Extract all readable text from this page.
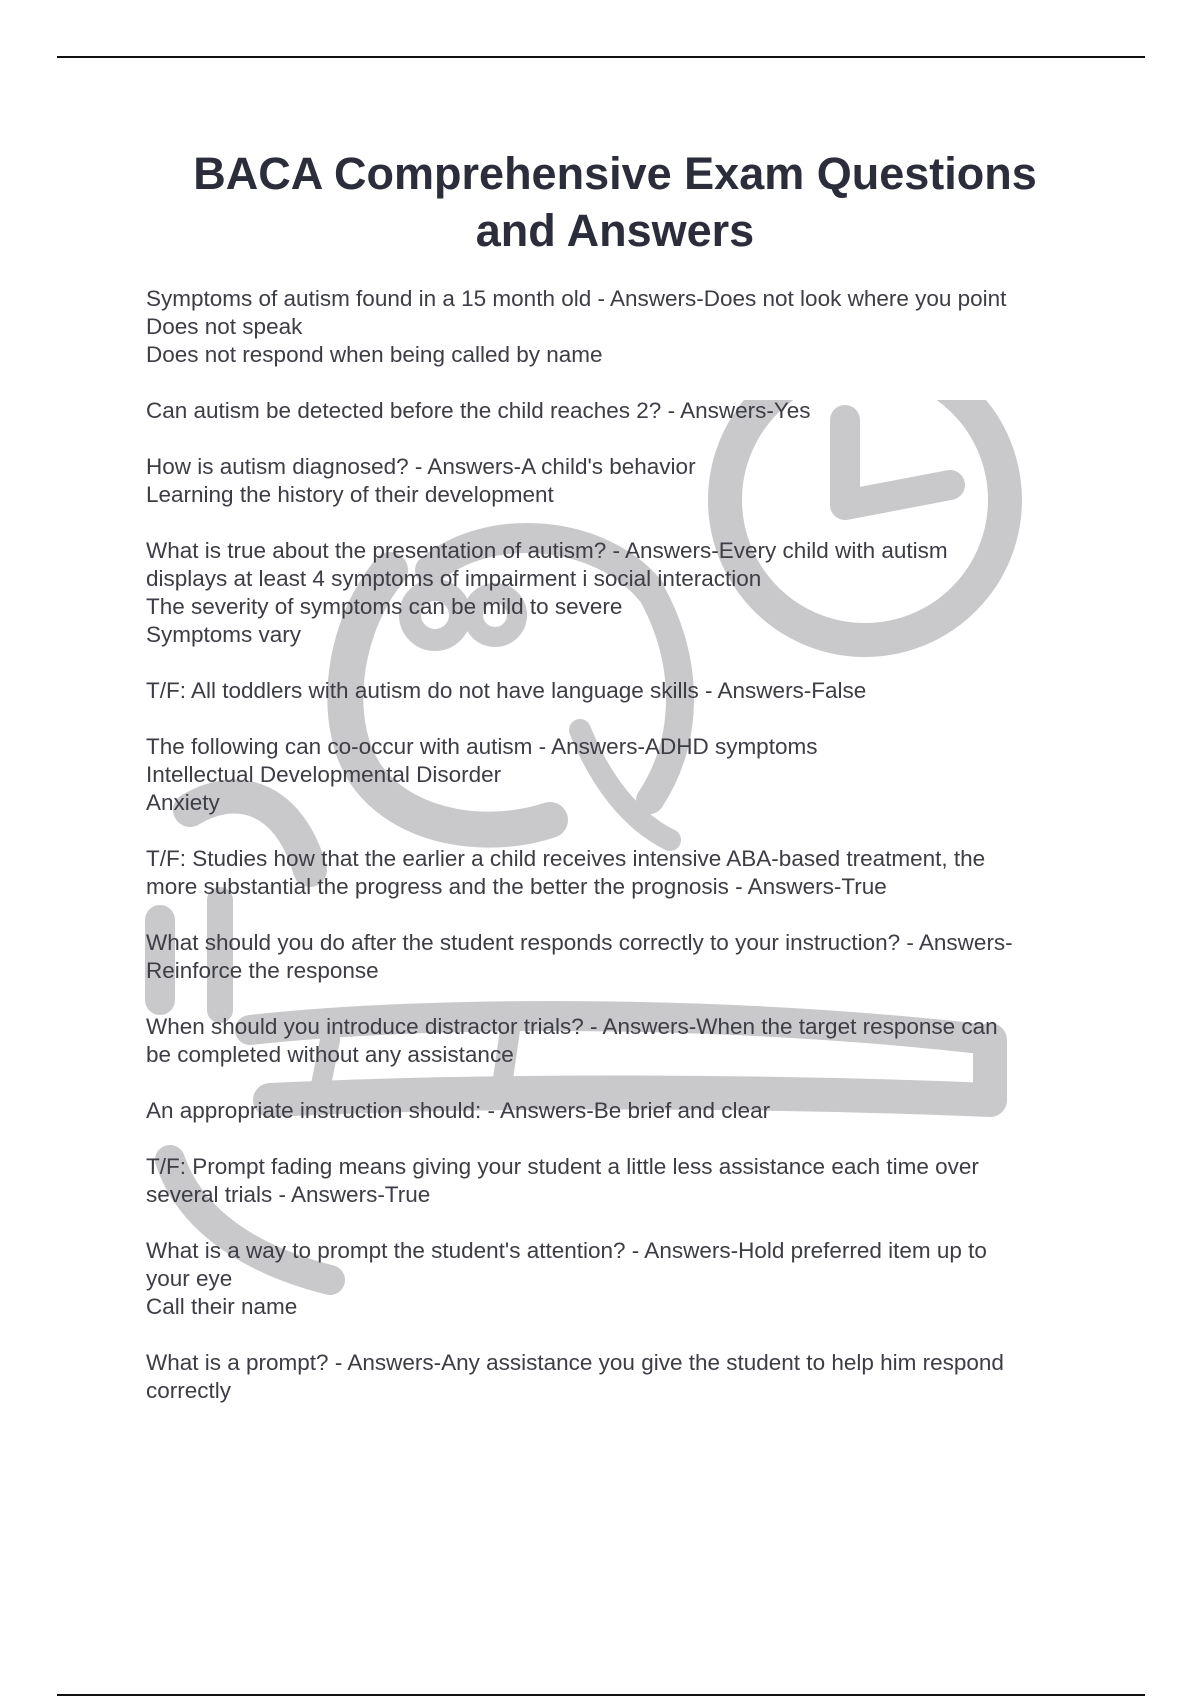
BACA Comprehensive Exam Questions
and Answers
Symptoms of autism found in a 15 month old - Answers-Does not look where you point
Does not speak
Does not respond when being called by name
Can autism be detected before the child reaches 2? - Answers-Yes
How is autism diagnosed? - Answers-A child's behavior
Learning the history of their development
What is true about the presentation of autism? - Answers-Every child with autism
displays at least 4 symptoms of impairment i social interaction
The severity of symptoms can be mild to severe
Symptoms vary
T/F: All toddlers with autism do not have language skills - Answers-False
The following can co-occur with autism - Answers-ADHD symptoms
Intellectual Developmental Disorder
Anxiety
T/F: Studies how that the earlier a child receives intensive ABA-based treatment, the
more substantial the progress and the better the prognosis - Answers-True
What should you do after the student responds correctly to your instruction? - Answers-
Reinforce the response
When should you introduce distractor trials? - Answers-When the target response can
be completed without any assistance
An appropriate instruction should: - Answers-Be brief and clear
T/F: Prompt fading means giving your student a little less assistance each time over
several trials - Answers-True
What is a way to prompt the student's attention? - Answers-Hold preferred item up to
your eye
Call their name
What is a prompt? - Answers-Any assistance you give the student to help him respond
correctly
